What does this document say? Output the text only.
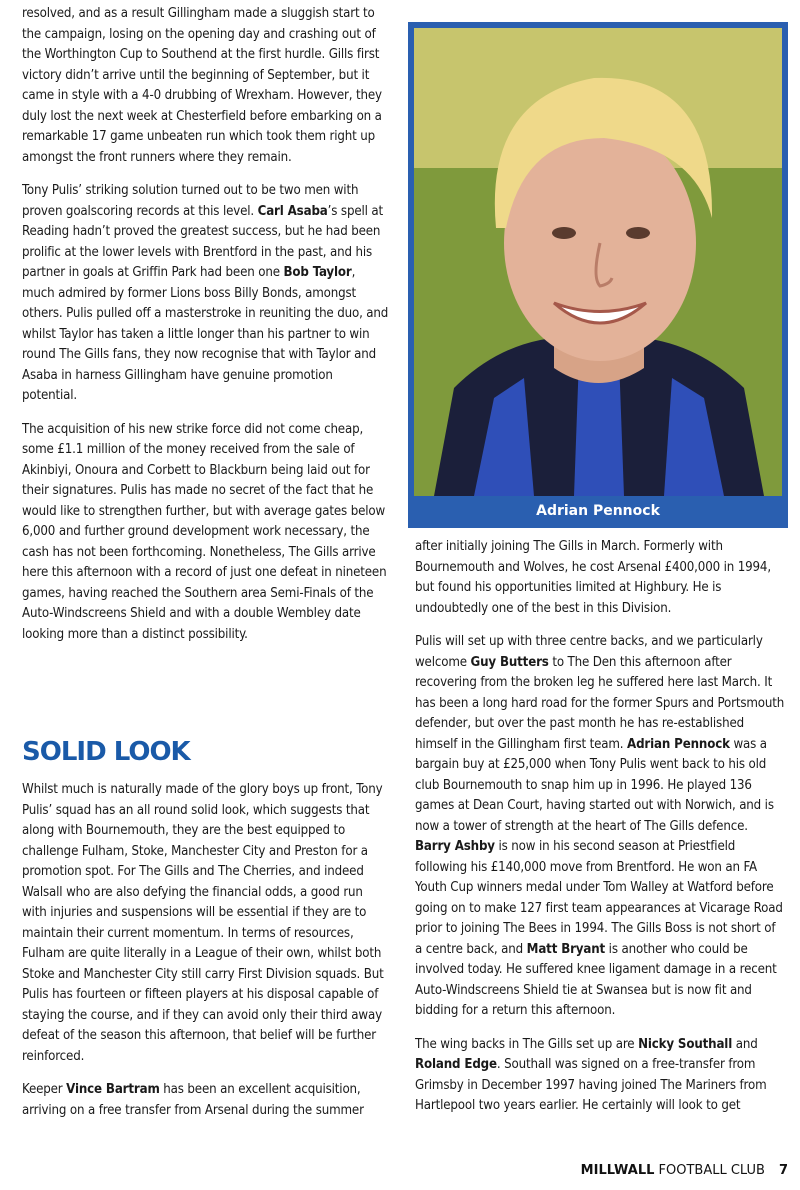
resolved, and as a result Gillingham made a sluggish start to the campaign, losing on the opening day and crashing out of the Worthington Cup to Southend at the first hurdle. Gills first victory didn’t arrive until the beginning of September, but it came in style with a 4-0 drubbing of Wrexham. However, they duly lost the next week at Chesterfield before embarking on a remarkable 17 game unbeaten run which took them right up amongst the front runners where they remain.

Tony Pulis’ striking solution turned out to be two men with proven goalscoring records at this level. Carl Asaba’s spell at Reading hadn’t proved the greatest success, but he had been prolific at the lower levels with Brentford in the past, and his partner in goals at Griffin Park had been one Bob Taylor, much admired by former Lions boss Billy Bonds, amongst others. Pulis pulled off a masterstroke in reuniting the duo, and whilst Taylor has taken a little longer than his partner to win round The Gills fans, they now recognise that with Taylor and Asaba in harness Gillingham have genuine promotion potential.

The acquisition of his new strike force did not come cheap, some £1.1 million of the money received from the sale of Akinbiyi, Onoura and Corbett to Blackburn being laid out for their signatures. Pulis has made no secret of the fact that he would like to strengthen further, but with average gates below 6,000 and further ground development work necessary, the cash has not been forthcoming. Nonetheless, The Gills arrive here this afternoon with a record of just one defeat in nineteen games, having reached the Southern area Semi-Finals of the Auto-Windscreens Shield and with a double Wembley date looking more than a distinct possibility.

SOLID LOOK

Whilst much is naturally made of the glory boys up front, Tony Pulis’ squad has an all round solid look, which suggests that along with Bournemouth, they are the best equipped to challenge Fulham, Stoke, Manchester City and Preston for a promotion spot. For The Gills and The Cherries, and indeed Walsall who are also defying the financial odds, a good run with injuries and suspensions will be essential if they are to maintain their current momentum. In terms of resources, Fulham are quite literally in a League of their own, whilst both Stoke and Manchester City still carry First Division squads. But Pulis has fourteen or fifteen players at his disposal capable of staying the course, and if they can avoid only their third away defeat of the season this afternoon, that belief will be further reinforced.

Keeper Vince Bartram has been an excellent acquisition, arriving on a free transfer from Arsenal during the summer

Adrian Pennock

after initially joining The Gills in March. Formerly with Bournemouth and Wolves, he cost Arsenal £400,000 in 1994, but found his opportunities limited at Highbury. He is undoubtedly one of the best in this Division.

Pulis will set up with three centre backs, and we particularly welcome Guy Butters to The Den this afternoon after recovering from the broken leg he suffered here last March. It has been a long hard road for the former Spurs and Portsmouth defender, but over the past month he has re-established himself in the Gillingham first team. Adrian Pennock was a bargain buy at £25,000 when Tony Pulis went back to his old club Bournemouth to snap him up in 1996. He played 136 games at Dean Court, having started out with Norwich, and is now a tower of strength at the heart of The Gills defence. Barry Ashby is now in his second season at Priestfield following his £140,000 move from Brentford. He won an FA Youth Cup winners medal under Tom Walley at Watford before going on to make 127 first team appearances at Vicarage Road prior to joining The Bees in 1994. The Gills Boss is not short of a centre back, and Matt Bryant is another who could be involved today. He suffered knee ligament damage in a recent Auto-Windscreens Shield tie at Swansea but is now fit and bidding for a return this afternoon.

The wing backs in The Gills set up are Nicky Southall and Roland Edge. Southall was signed on a free-transfer from Grimsby in December 1997 having joined The Mariners from Hartlepool two years earlier. He certainly will look to get

MILLWALL FOOTBALL CLUB 7
